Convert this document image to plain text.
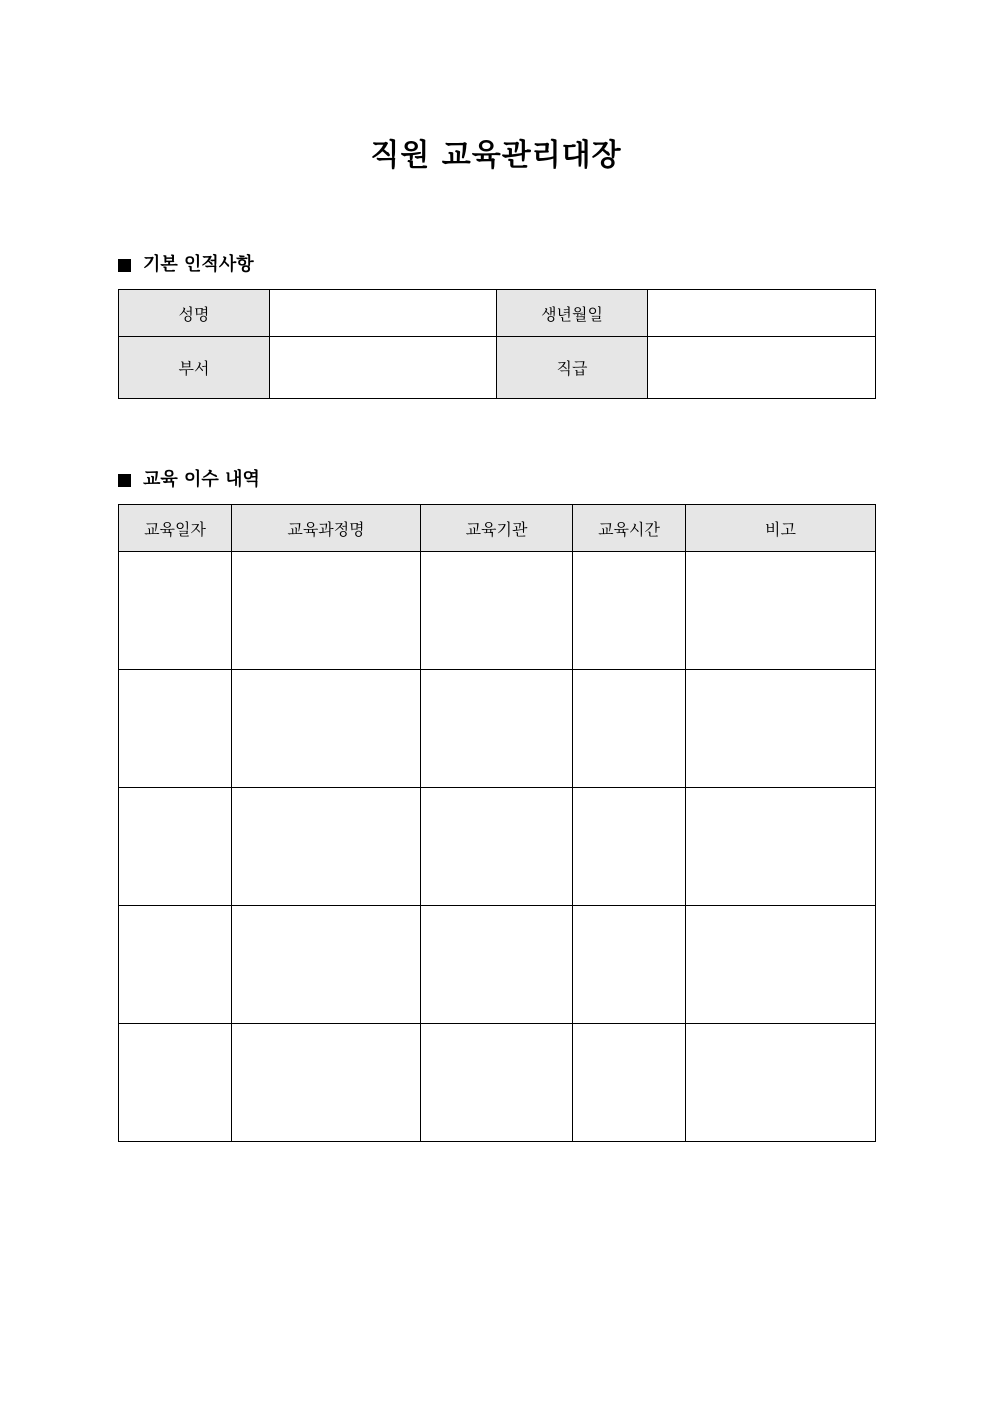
직원 교육관리대장
기본 인적사항
성명		생년월일	
부서		직급	
교육 이수 내역
교육일자	교육과정명	교육기관	교육시간	비고
